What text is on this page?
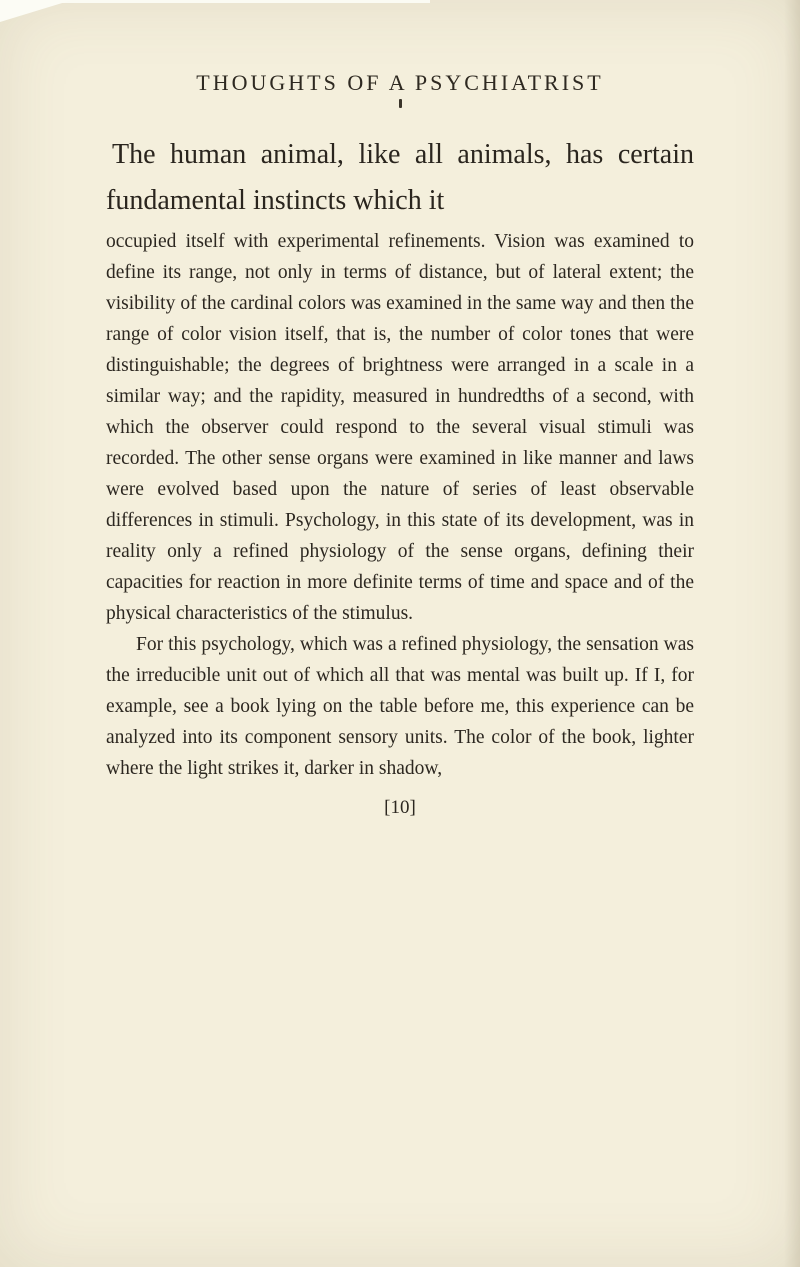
THOUGHTS OF A PSYCHIATRIST

The human animal, like all animals, has certain fundamental instincts which it

occupied itself with experimental refinements. Vision was examined to define its range, not only in terms of distance, but of lateral extent; the visibility of the cardinal colors was examined in the same way and then the range of color vision itself, that is, the number of color tones that were distinguishable; the degrees of brightness were arranged in a scale in a similar way; and the rapidity, measured in hundredths of a second, with which the observer could respond to the several visual stimuli was recorded. The other sense organs were examined in like manner and laws were evolved based upon the nature of series of least observable differences in stimuli. Psychology, in this state of its development, was in reality only a refined physiology of the sense organs, defining their capacities for reaction in more definite terms of time and space and of the physical characteristics of the stimulus.

For this psychology, which was a refined physiology, the sensation was the irreducible unit out of which all that was mental was built up. If I, for example, see a book lying on the table before me, this experience can be analyzed into its component sensory units. The color of the book, lighter where the light strikes it, darker in shadow,

[10]
